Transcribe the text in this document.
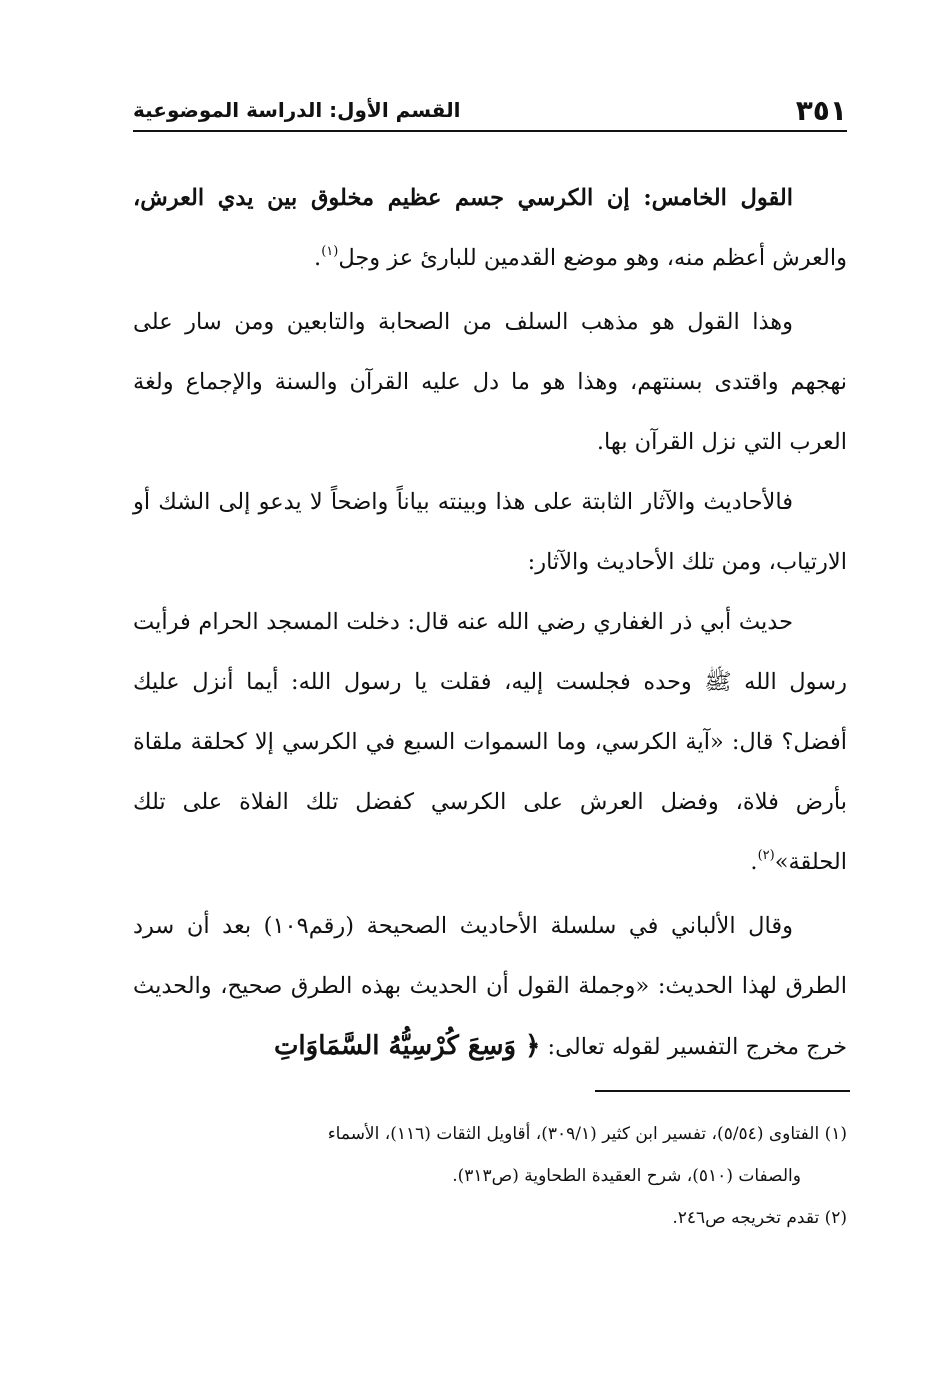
القسم الأول: الدراسة الموضوعية	٣٥١

القول الخامس: إن الكرسي جسم عظيم مخلوق بين يدي العرش، والعرش أعظم منه، وهو موضع القدمين للبارئ عز وجل$^{(١)}$.

وهذا القول هو مذهب السلف من الصحابة والتابعين ومن سار على نهجهم واقتدى بسنتهم، وهذا هو ما دل عليه القرآن والسنة والإجماع ولغة العرب التي نزل القرآن بها.

فالأحاديث والآثار الثابتة على هذا وبينته بياناً واضحاً لا يدعو إلى الشك أو الارتياب، ومن تلك الأحاديث والآثار:

حديث أبي ذر الغفاري رضي الله عنه قال: دخلت المسجد الحرام فرأيت رسول الله ﷺ وحده فجلست إليه، فقلت يا رسول الله: أيما أنزل عليك أفضل؟ قال: «آية الكرسي، وما السموات السبع في الكرسي إلا كحلقة ملقاة بأرض فلاة، وفضل العرش على الكرسي كفضل تلك الفلاة على تلك الحلقة»$^{(٢)}$.

وقال الألباني في سلسلة الأحاديث الصحيحة (رقم١٠٩) بعد أن سرد الطرق لهذا الحديث: «وجملة القول أن الحديث بهذه الطرق صحيح، والحديث خرج مخرج التفسير لقوله تعالى: ﴿ وَسِعَ كُرْسِيُّهُ السَّمَاوَاتِ

(١) الفتاوى (٥/٥٤)، تفسير ابن كثير (٣٠٩/١)، أقاويل الثقات (١١٦)، الأسماء

والصفات (٥١٠)، شرح العقيدة الطحاوية (ص٣١٣).

(٢) تقدم تخريجه ص٢٤٦.
